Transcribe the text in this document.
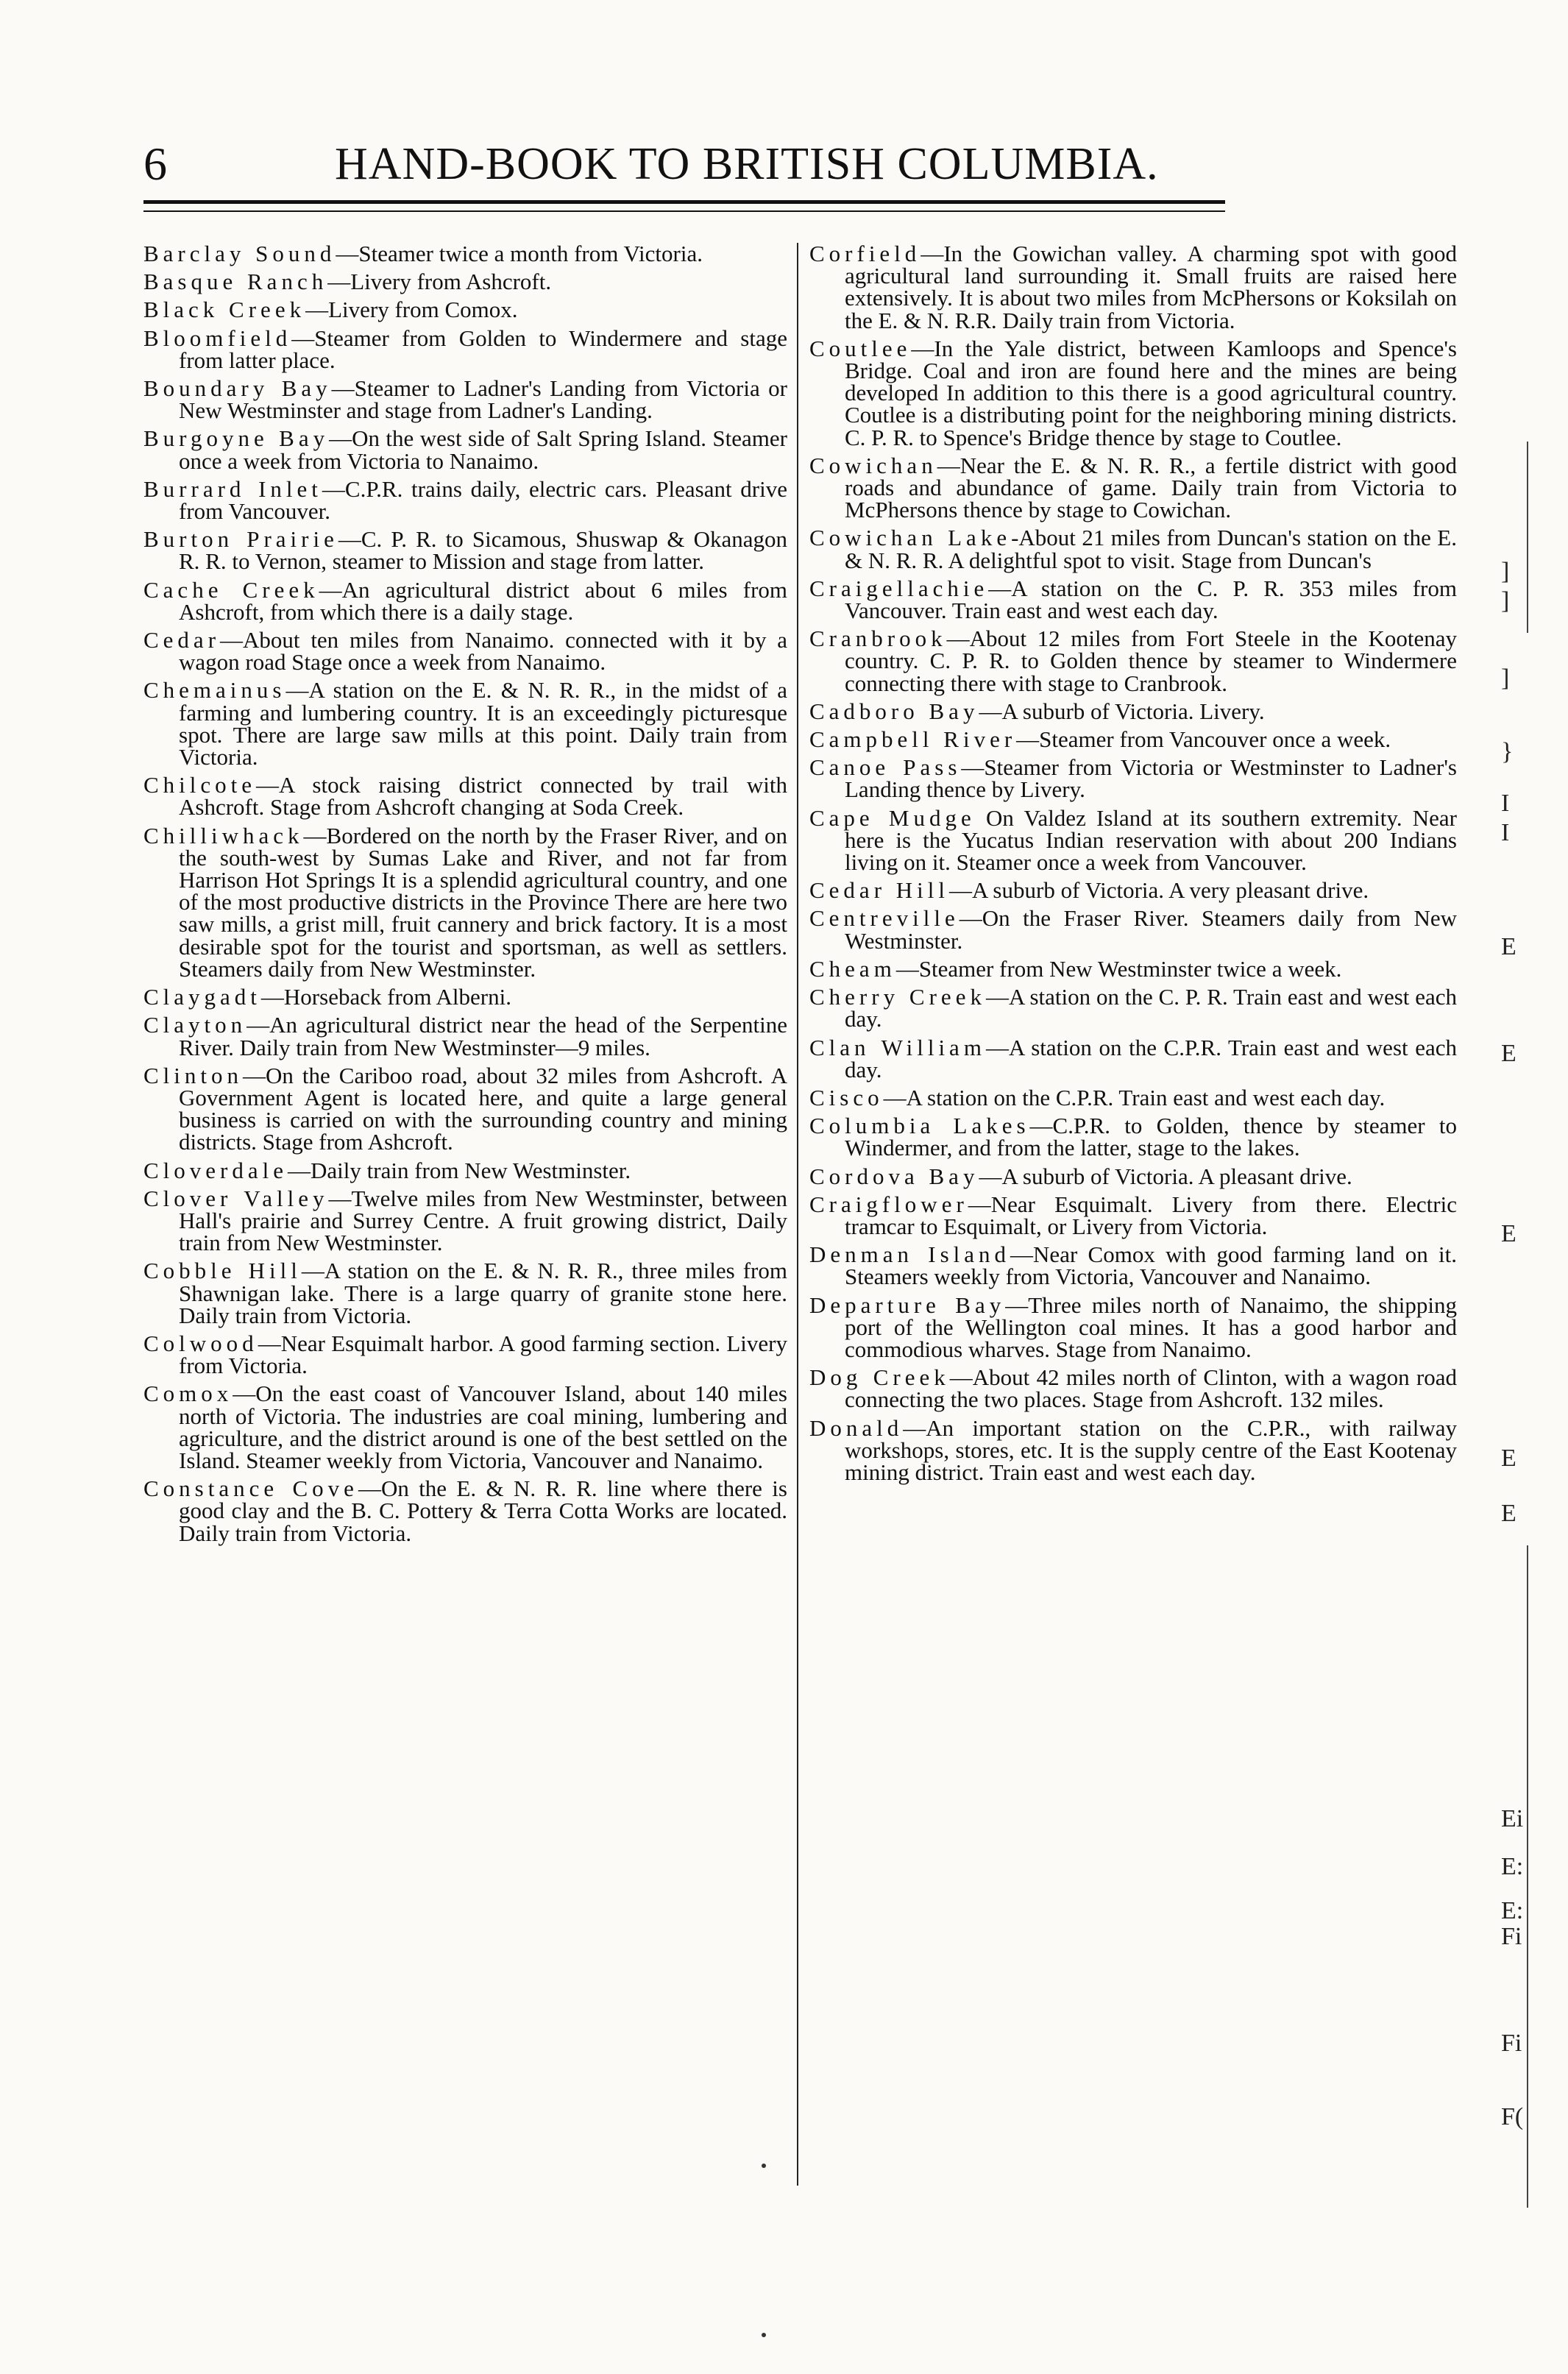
6	HAND-BOOK TO BRITISH COLUMBIA.

Barclay Sound—Steamer twice a month from Victoria.

Basque Ranch—Livery from Ashcroft.

Black Creek—Livery from Comox.

Bloomfield—Steamer from Golden to Windermere and stage from latter place.

Boundary Bay—Steamer to Ladner's Landing from Victoria or New Westminster and stage from Ladner's Landing.

Burgoyne Bay—On the west side of Salt Spring Island. Steamer once a week from Victoria to Nanaimo.

Burrard Inlet—C.P.R. trains daily, electric cars. Pleasant drive from Vancouver.

Burton Prairie—C. P. R. to Sicamous, Shuswap & Okanagon R. R. to Vernon, steamer to Mission and stage from latter.

Cache Creek—An agricultural district about 6 miles from Ashcroft, from which there is a daily stage.

Cedar—About ten miles from Nanaimo. connected with it by a wagon road Stage once a week from Nanaimo.

Chemainus—A station on the E. & N. R. R., in the midst of a farming and lumbering country. It is an exceedingly picturesque spot. There are large saw mills at this point. Daily train from Victoria.

Chilcote—A stock raising district connected by trail with Ashcroft. Stage from Ashcroft changing at Soda Creek.

Chilliwhack—Bordered on the north by the Fraser River, and on the south-west by Sumas Lake and River, and not far from Harrison Hot Springs It is a splendid agricultural country, and one of the most productive districts in the Province There are here two saw mills, a grist mill, fruit cannery and brick factory. It is a most desirable spot for the tourist and sportsman, as well as settlers. Steamers daily from New Westminster.

Claygadt—Horseback from Alberni.

Clayton—An agricultural district near the head of the Serpentine River. Daily train from New Westminster—9 miles.

Clinton—On the Cariboo road, about 32 miles from Ashcroft. A Government Agent is located here, and quite a large general business is carried on with the surrounding country and mining districts. Stage from Ashcroft.

Cloverdale—Daily train from New Westminster.

Clover Valley—Twelve miles from New Westminster, between Hall's prairie and Surrey Centre. A fruit growing district, Daily train from New Westminster.

Cobble Hill—A station on the E. & N. R. R., three miles from Shawnigan lake. There is a large quarry of granite stone here. Daily train from Victoria.

Colwood—Near Esquimalt harbor. A good farming section. Livery from Victoria.

Comox—On the east coast of Vancouver Island, about 140 miles north of Victoria. The industries are coal mining, lumbering and agriculture, and the district around is one of the best settled on the Island. Steamer weekly from Victoria, Vancouver and Nanaimo.

Constance Cove—On the E. & N. R. R. line where there is good clay and the B. C. Pottery & Terra Cotta Works are located. Daily train from Victoria.

Corfield—In the Gowichan valley. A charming spot with good agricultural land surrounding it. Small fruits are raised here extensively. It is about two miles from McPhersons or Koksilah on the E. & N. R.R. Daily train from Victoria.

Coutlee—In the Yale district, between Kamloops and Spence's Bridge. Coal and iron are found here and the mines are being developed In addition to this there is a good agricultural country. Coutlee is a distributing point for the neighboring mining districts. C. P. R. to Spence's Bridge thence by stage to Coutlee.

Cowichan—Near the E. & N. R. R., a fertile district with good roads and abundance of game. Daily train from Victoria to McPhersons thence by stage to Cowichan.

Cowichan Lake-About 21 miles from Duncan's station on the E. & N. R. R. A delightful spot to visit. Stage from Duncan's

Craigellachie—A station on the C. P. R. 353 miles from Vancouver. Train east and west each day.

Cranbrook—About 12 miles from Fort Steele in the Kootenay country. C. P. R. to Golden thence by steamer to Windermere connecting there with stage to Cranbrook.

Cadboro Bay—A suburb of Victoria. Livery.

Campbell River—Steamer from Vancouver once a week.

Canoe Pass—Steamer from Victoria or Westminster to Ladner's Landing thence by Livery.

Cape Mudge On Valdez Island at its southern extremity. Near here is the Yucatus Indian reservation with about 200 Indians living on it. Steamer once a week from Vancouver.

Cedar Hill—A suburb of Victoria. A very pleasant drive.

Centreville—On the Fraser River. Steamers daily from New Westminster.

Cheam—Steamer from New Westminster twice a week.

Cherry Creek—A station on the C. P. R. Train east and west each day.

Clan William—A station on the C.P.R. Train east and west each day.

Cisco—A station on the C.P.R. Train east and west each day.

Columbia Lakes—C.P.R. to Golden, thence by steamer to Windermer, and from the latter, stage to the lakes.

Cordova Bay—A suburb of Victoria. A pleasant drive.

Craigflower—Near Esquimalt. Livery from there. Electric tramcar to Esquimalt, or Livery from Victoria.

Denman Island—Near Comox with good farming land on it. Steamers weekly from Victoria, Vancouver and Nanaimo.

Departure Bay—Three miles north of Nanaimo, the shipping port of the Wellington coal mines. It has a good harbor and commodious wharves. Stage from Nanaimo.

Dog Creek—About 42 miles north of Clinton, with a wagon road connecting the two places. Stage from Ashcroft. 132 miles.

Donald—An important station on the C.P.R., with railway workshops, stores, etc. It is the supply centre of the East Kootenay mining district. Train east and west each day.

]
]
]
}
I
I
E
E
E
E
E
Ei
E:
E:
Fi
Fi
F(
